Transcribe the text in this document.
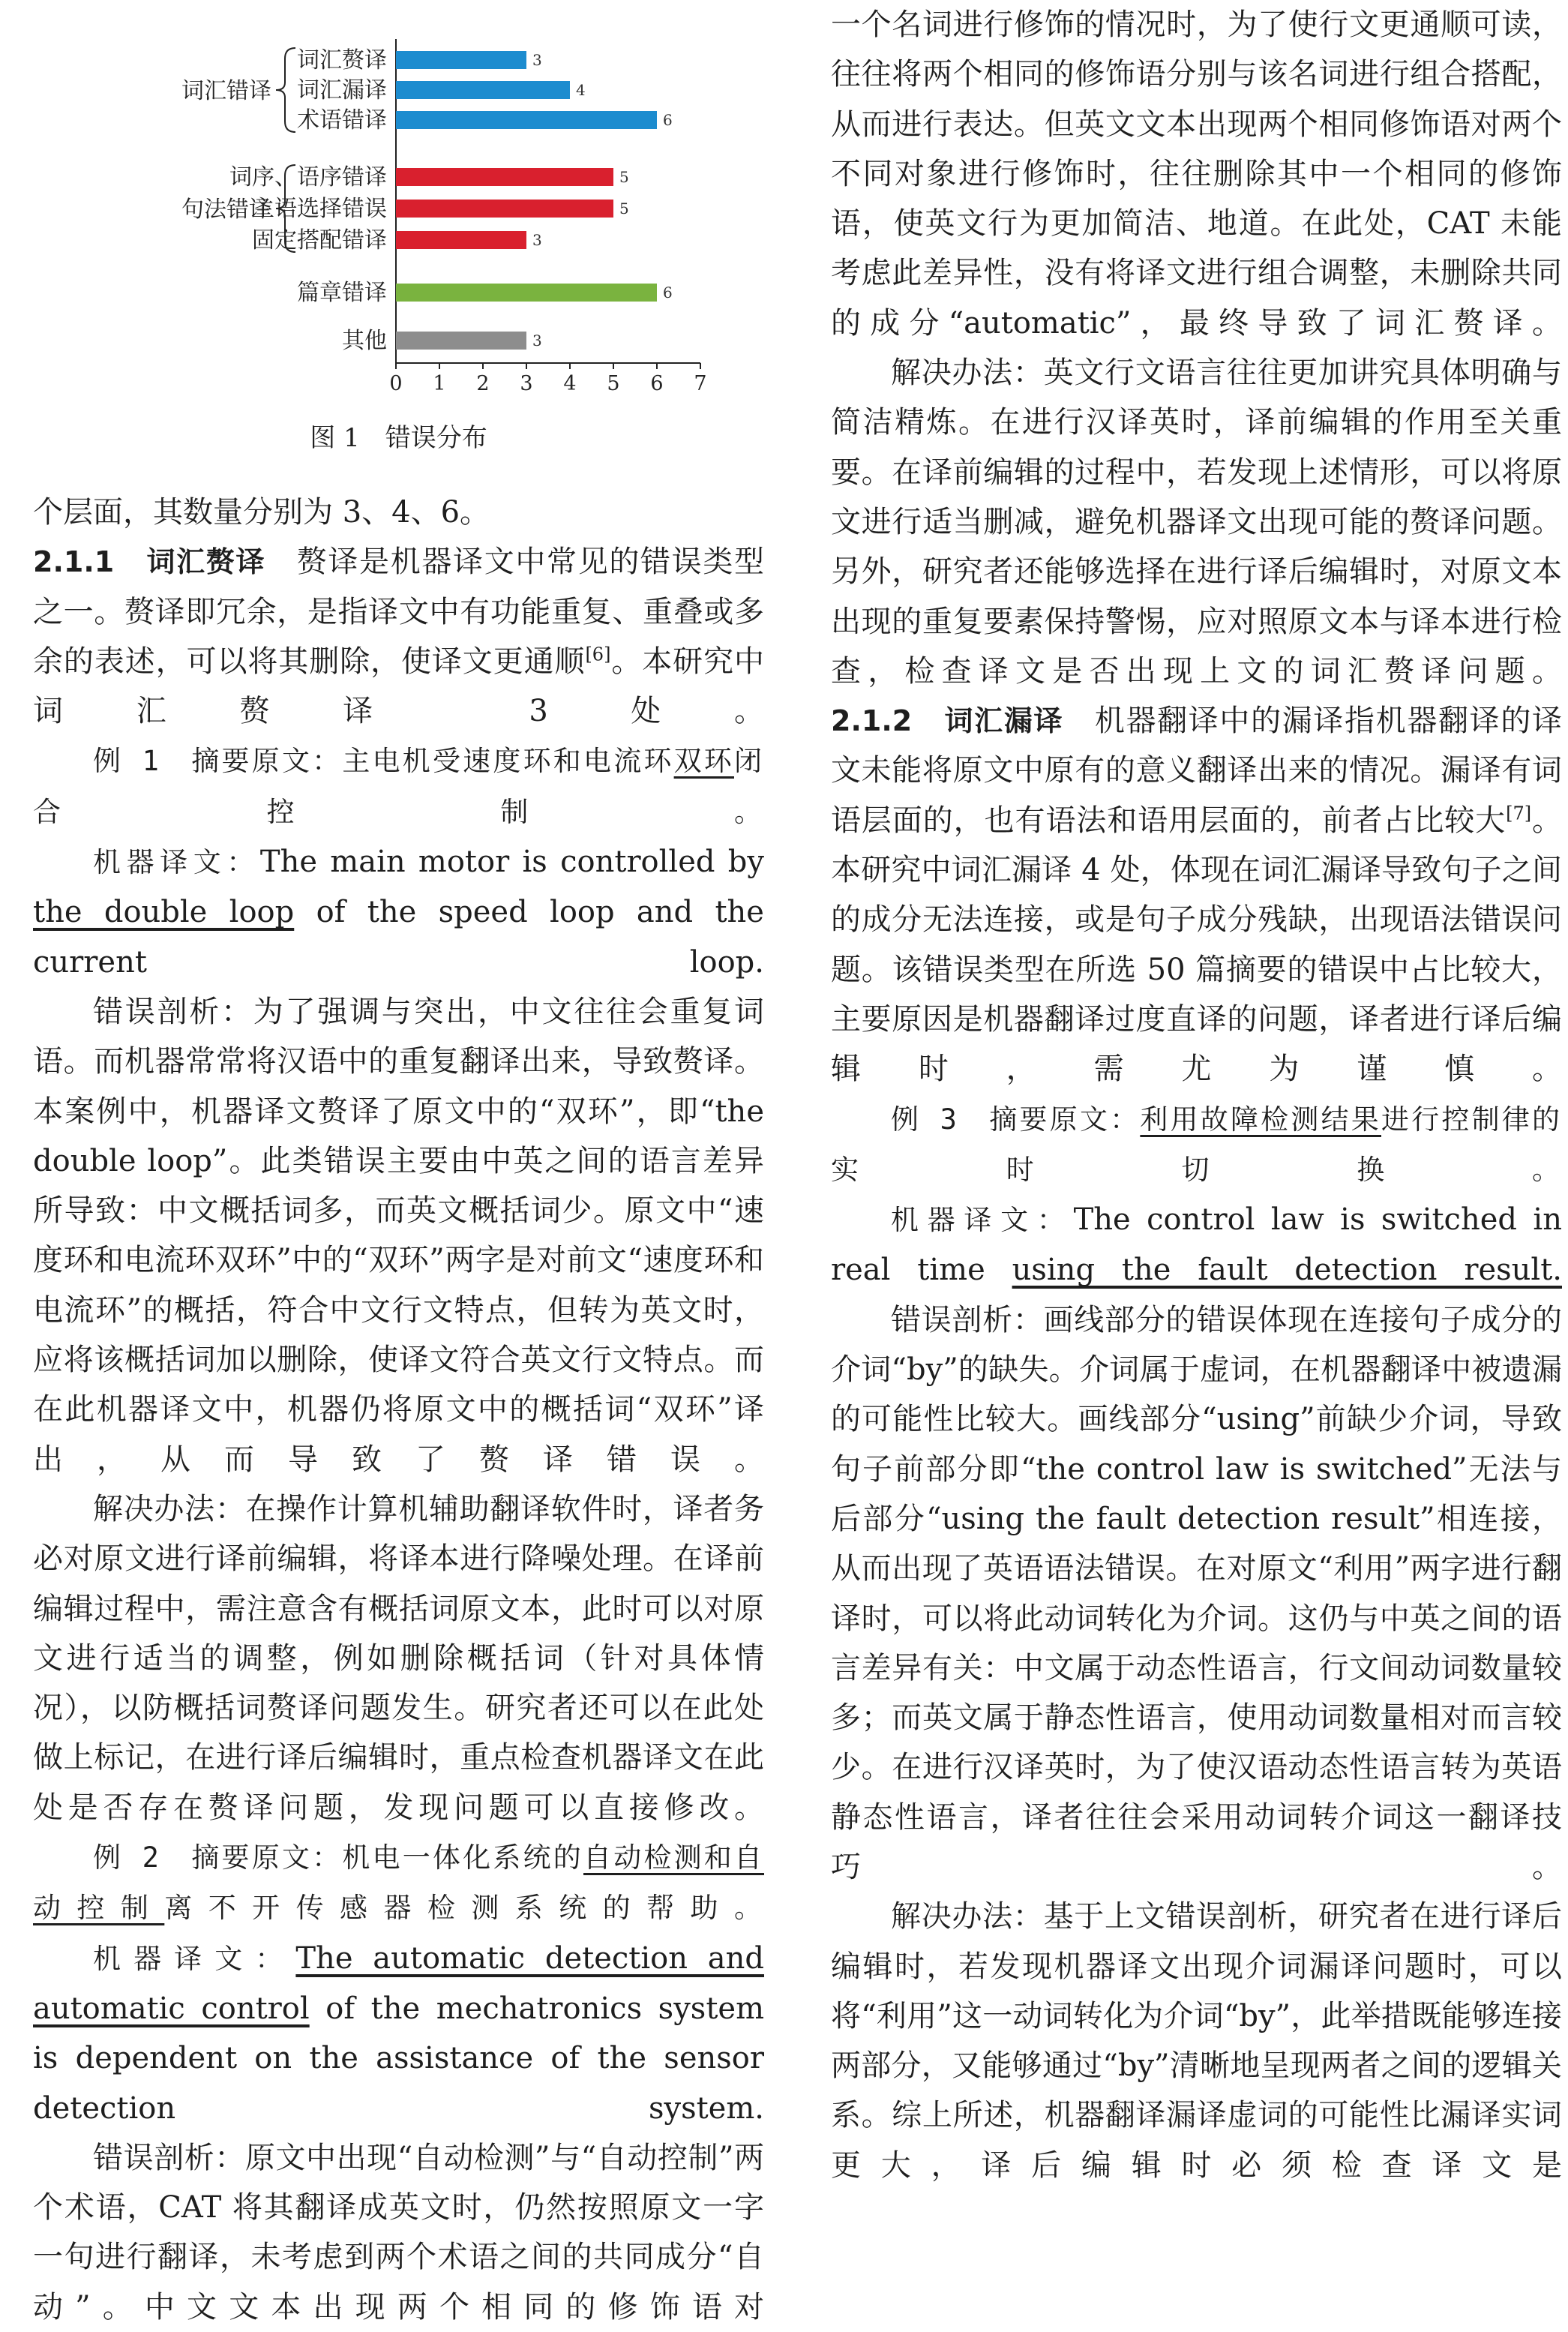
0 1 2 3 4 5 6 7
词汇赘译	3
词汇漏译	4
术语错译	6
词序、语序错译	5
主语选择错误	5
固定搭配错译	3
篇章错译	6
其他	3
词汇错译
句法错译
图 1　错误分布

个层面，其数量分别为 3、4、6。

2.1.1　 词汇赘译　 赘译是机器译文中常见的错误类型之一。赘译即冗余，是指译文中有功能重复、重叠或多余的表述，可以将其删除，使译文更通顺[6]。本研究中词汇赘译 3 处。

例 1　摘要原文：主电机受速度环和电流环双环闭合控制。

机器译文：The main motor is controlled by the double loop of the speed loop and the current loop.

错误剖析：为了强调与突出，中文往往会重复词语。而机器常常将汉语中的重复翻译出来，导致赘译。本案例中，机器译文赘译了原文中的“双环”，即“the double loop”。此类错误主要由中英之间的语言差异所导致：中文概括词多，而英文概括词少。原文中“速度环和电流环双环”中的“双环”两字是对前文“速度环和电流环”的概括，符合中文行文特点，但转为英文时，应将该概括词加以删除，使译文符合英文行文特点。而在此机器译文中，机器仍将原文中的概括词“双环”译出，从而导致了赘译错误。

解决办法：在操作计算机辅助翻译软件时，译者务必对原文进行译前编辑，将译本进行降噪处理。在译前编辑过程中，需注意含有概括词原文本，此时可以对原文进行适当的调整，例如删除概括词（针对具体情况），以防概括词赘译问题发生。研究者还可以在此处做上标记，在进行译后编辑时，重点检查机器译文在此处是否存在赘译问题，发现问题可以直接修改。

例 2　摘要原文：机电一体化系统的自动检测和自动控制离不开传感器检测系统的帮助。

机器译文：The automatic detection and automatic control of the mechatronics system is dependent on the assistance of the sensor detection system.

错误剖析：原文中出现“自动检测”与“自动控制”两个术语，CAT 将其翻译成英文时，仍然按照原文一字一句进行翻译，未考虑到两个术语之间的共同成分“自动”。中文文本出现两个相同的修饰语对

一个名词进行修饰的情况时，为了使行文更通顺可读，往往将两个相同的修饰语分别与该名词进行组合搭配，从而进行表达。但英文文本出现两个相同修饰语对两个不同对象进行修饰时，往往删除其中一个相同的修饰语，使英文行为更加简洁、地道。在此处，CAT 未能考虑此差异性，没有将译文进行组合调整，未删除共同的成分“automatic”，最终导致了词汇赘译。

解决办法：英文行文语言往往更加讲究具体明确与简洁精炼。在进行汉译英时，译前编辑的作用至关重要。在译前编辑的过程中，若发现上述情形，可以将原文进行适当删减，避免机器译文出现可能的赘译问题。另外，研究者还能够选择在进行译后编辑时，对原文本出现的重复要素保持警惕，应对照原文本与译本进行检查，检查译文是否出现上文的词汇赘译问题。

2.1.2　 词汇漏译　 机器翻译中的漏译指机器翻译的译文未能将原文中原有的意义翻译出来的情况。漏译有词语层面的，也有语法和语用层面的，前者占比较大[7]。本研究中词汇漏译 4 处，体现在词汇漏译导致句子之间的成分无法连接，或是句子成分残缺，出现语法错误问题。该错误类型在所选 50 篇摘要的错误中占比较大，主要原因是机器翻译过度直译的问题，译者进行译后编辑时，需尤为谨慎。

例 3　摘要原文：利用故障检测结果进行控制律的实时切换。

机器译文：The control law is switched in real time using the fault detection result.

错误剖析：画线部分的错误体现在连接句子成分的介词“by”的缺失。介词属于虚词，在机器翻译中被遗漏的可能性比较大。画线部分“using”前缺少介词，导致句子前部分即“the control law is switched”无法与后部分“using the fault detection result”相连接，从而出现了英语语法错误。在对原文“利用”两字进行翻译时，可以将此动词转化为介词。这仍与中英之间的语言差异有关：中文属于动态性语言，行文间动词数量较多；而英文属于静态性语言，使用动词数量相对而言较少。在进行汉译英时，为了使汉语动态性语言转为英语静态性语言，译者往往会采用动词转介词这一翻译技巧。

解决办法：基于上文错误剖析，研究者在进行译后编辑时，若发现机器译文出现介词漏译问题时，可以将“利用”这一动词转化为介词“by”，此举措既能够连接两部分，又能够通过“by”清晰地呈现两者之间的逻辑关系。综上所述，机器翻译漏译虚词的可能性比漏译实词更大，译后编辑时必须检查译文是
